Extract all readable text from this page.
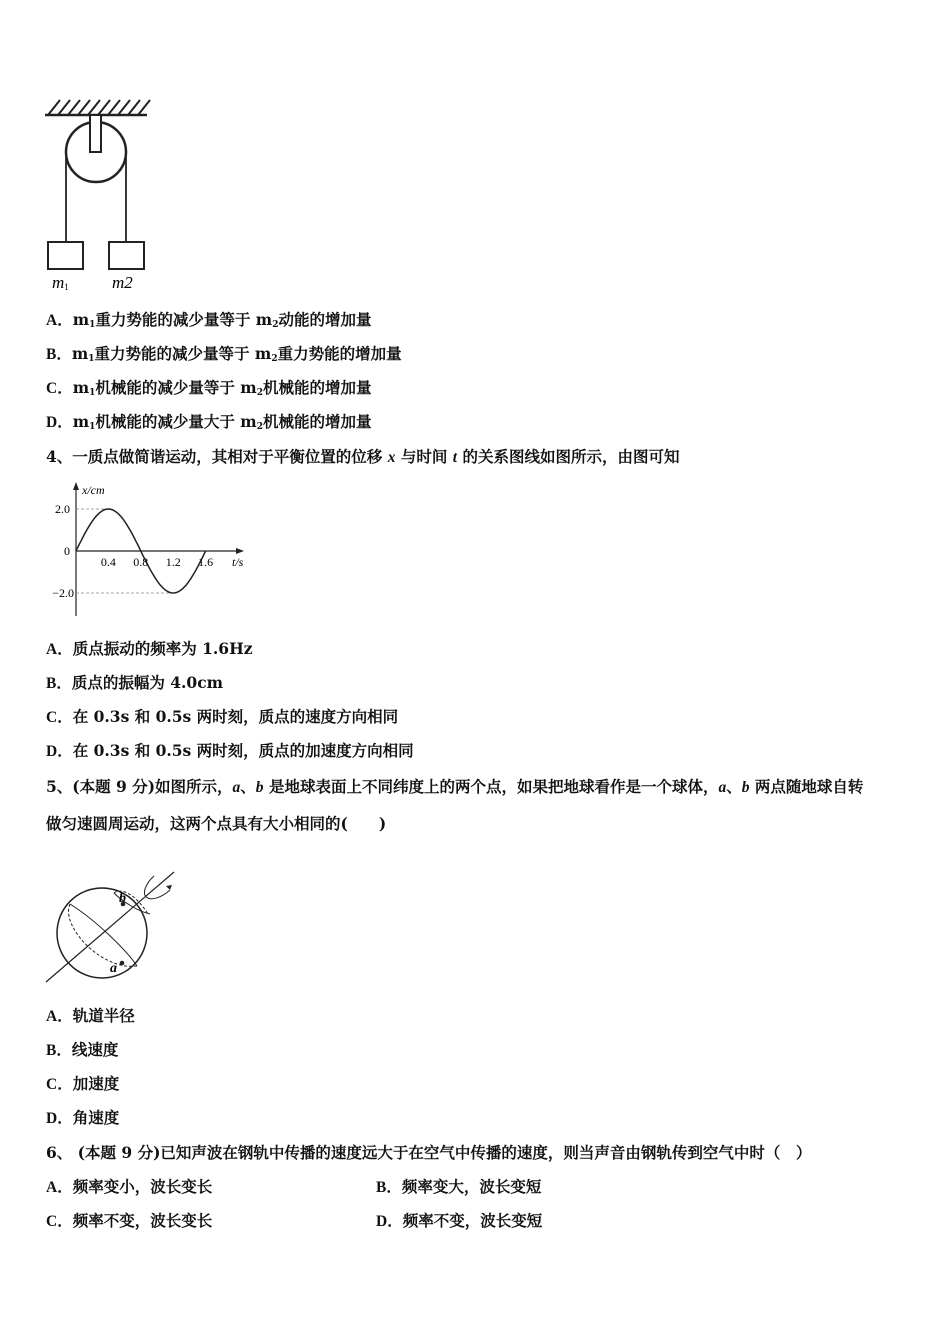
m1	m2
A．$m_1$重力势能的减少量等于 $m_2$动能的增加量
B．$m_1$重力势能的减少量等于 $m_2$重力势能的增加量
C．$m_1$机械能的减少量等于 $m_2$机械能的增加量
D．$m_1$机械能的减少量大于 $m_2$机械能的增加量
4、一质点做简谐运动，其相对于平衡位置的位移 x 与时间 t 的关系图线如图所示，由图可知
x/cm
t/s
2.0
0
−2.0
0.4 0.8 1.2 1.6
A．质点振动的频率为 1.6Hz
B．质点的振幅为 4.0cm
C．在 0.3s 和 0.5s 两时刻，质点的速度方向相同
D．在 0.3s 和 0.5s 两时刻，质点的加速度方向相同
5、(本题 9 分)如图所示，a、b 是地球表面上不同纬度上的两个点，如果把地球看作是一个球体，a、b 两点随地球自转
做匀速圆周运动，这两个点具有大小相同的(　　)
b
a
A．轨道半径
B．线速度
C．加速度
D．角速度
6、 (本题 9 分)已知声波在钢轨中传播的速度远大于在空气中传播的速度，则当声音由钢轨传到空气中时（　）
A．频率变小，波长变长	B．频率变大，波长变短
C．频率不变，波长变长	D．频率不变，波长变短
